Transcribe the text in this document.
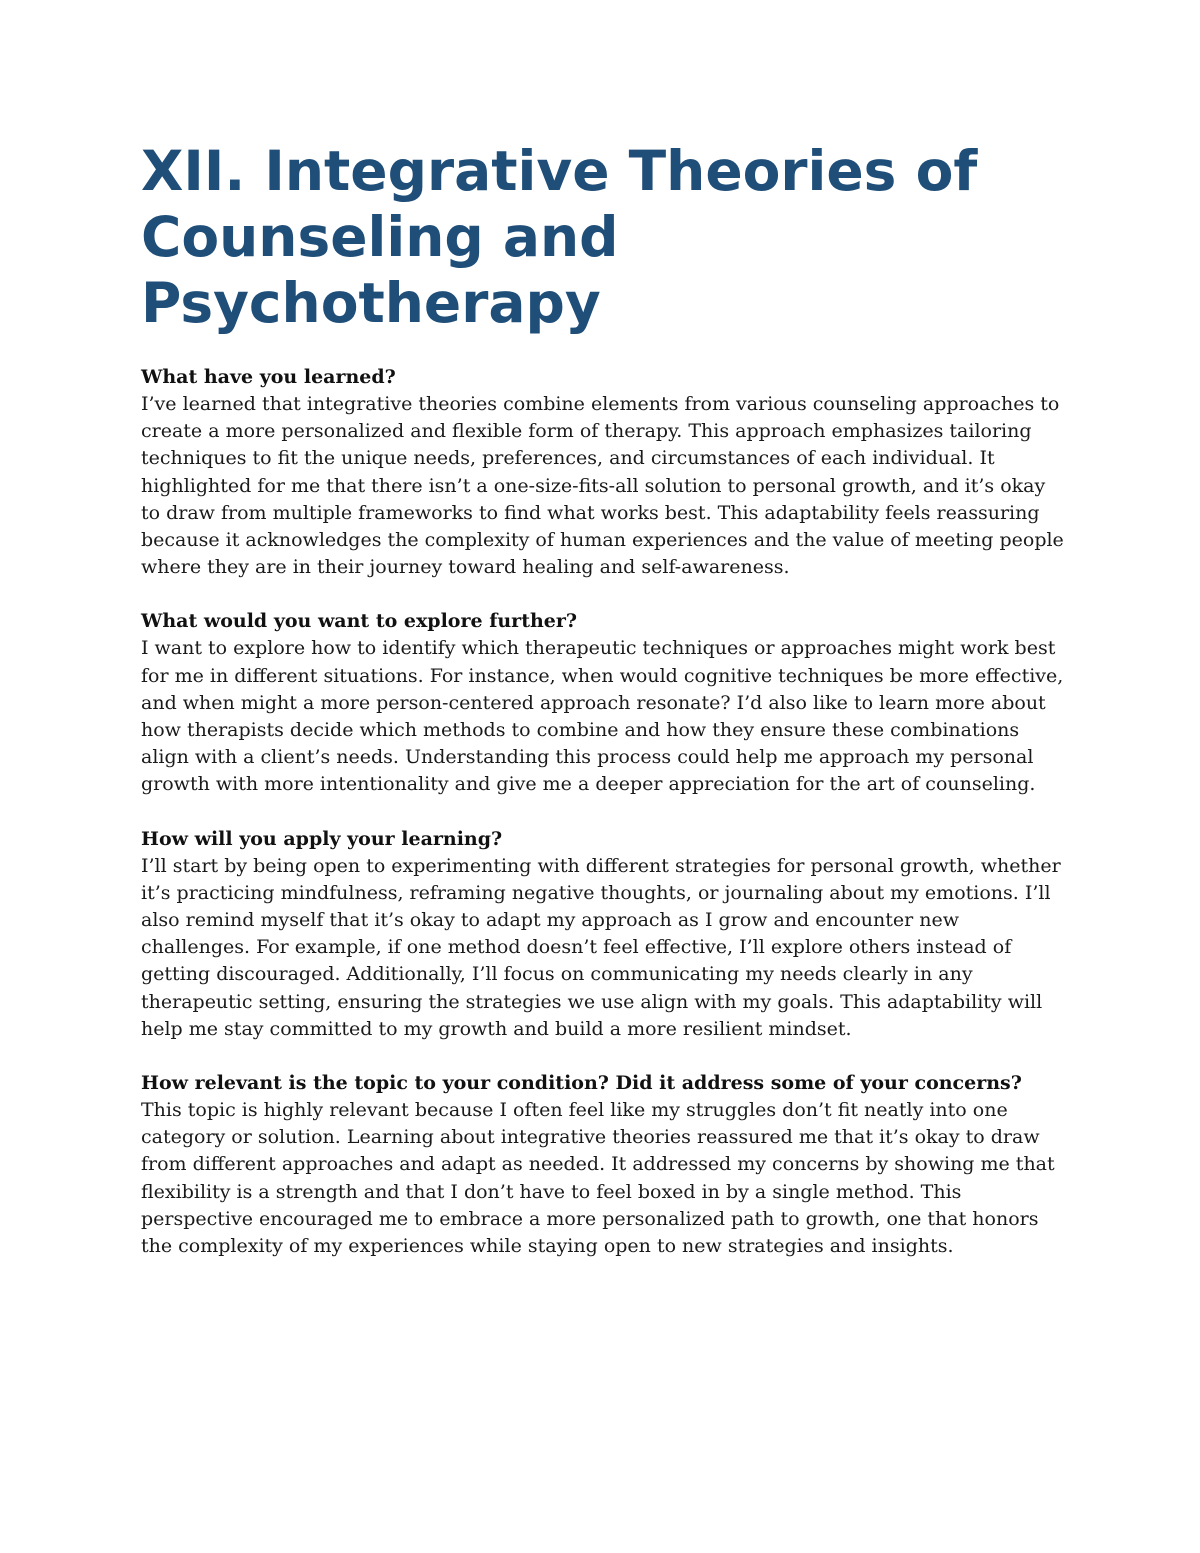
XII. Integrative Theories of Counseling and Psychotherapy

What have you learned?

I’ve learned that integrative theories combine elements from various counseling approaches to create a more personalized and flexible form of therapy. This approach emphasizes tailoring techniques to fit the unique needs, preferences, and circumstances of each individual. It highlighted for me that there isn’t a one-size-fits-all solution to personal growth, and it’s okay to draw from multiple frameworks to find what works best. This adaptability feels reassuring because it acknowledges the complexity of human experiences and the value of meeting people where they are in their journey toward healing and self-awareness.

What would you want to explore further?

I want to explore how to identify which therapeutic techniques or approaches might work best for me in different situations. For instance, when would cognitive techniques be more effective, and when might a more person-centered approach resonate? I’d also like to learn more about how therapists decide which methods to combine and how they ensure these combinations align with a client’s needs. Understanding this process could help me approach my personal growth with more intentionality and give me a deeper appreciation for the art of counseling.

How will you apply your learning?

I’ll start by being open to experimenting with different strategies for personal growth, whether it’s practicing mindfulness, reframing negative thoughts, or journaling about my emotions. I’ll also remind myself that it’s okay to adapt my approach as I grow and encounter new challenges. For example, if one method doesn’t feel effective, I’ll explore others instead of getting discouraged. Additionally, I’ll focus on communicating my needs clearly in any therapeutic setting, ensuring the strategies we use align with my goals. This adaptability will help me stay committed to my growth and build a more resilient mindset.

How relevant is the topic to your condition? Did it address some of your concerns?

This topic is highly relevant because I often feel like my struggles don’t fit neatly into one category or solution. Learning about integrative theories reassured me that it’s okay to draw from different approaches and adapt as needed. It addressed my concerns by showing me that flexibility is a strength and that I don’t have to feel boxed in by a single method. This perspective encouraged me to embrace a more personalized path to growth, one that honors the complexity of my experiences while staying open to new strategies and insights.
